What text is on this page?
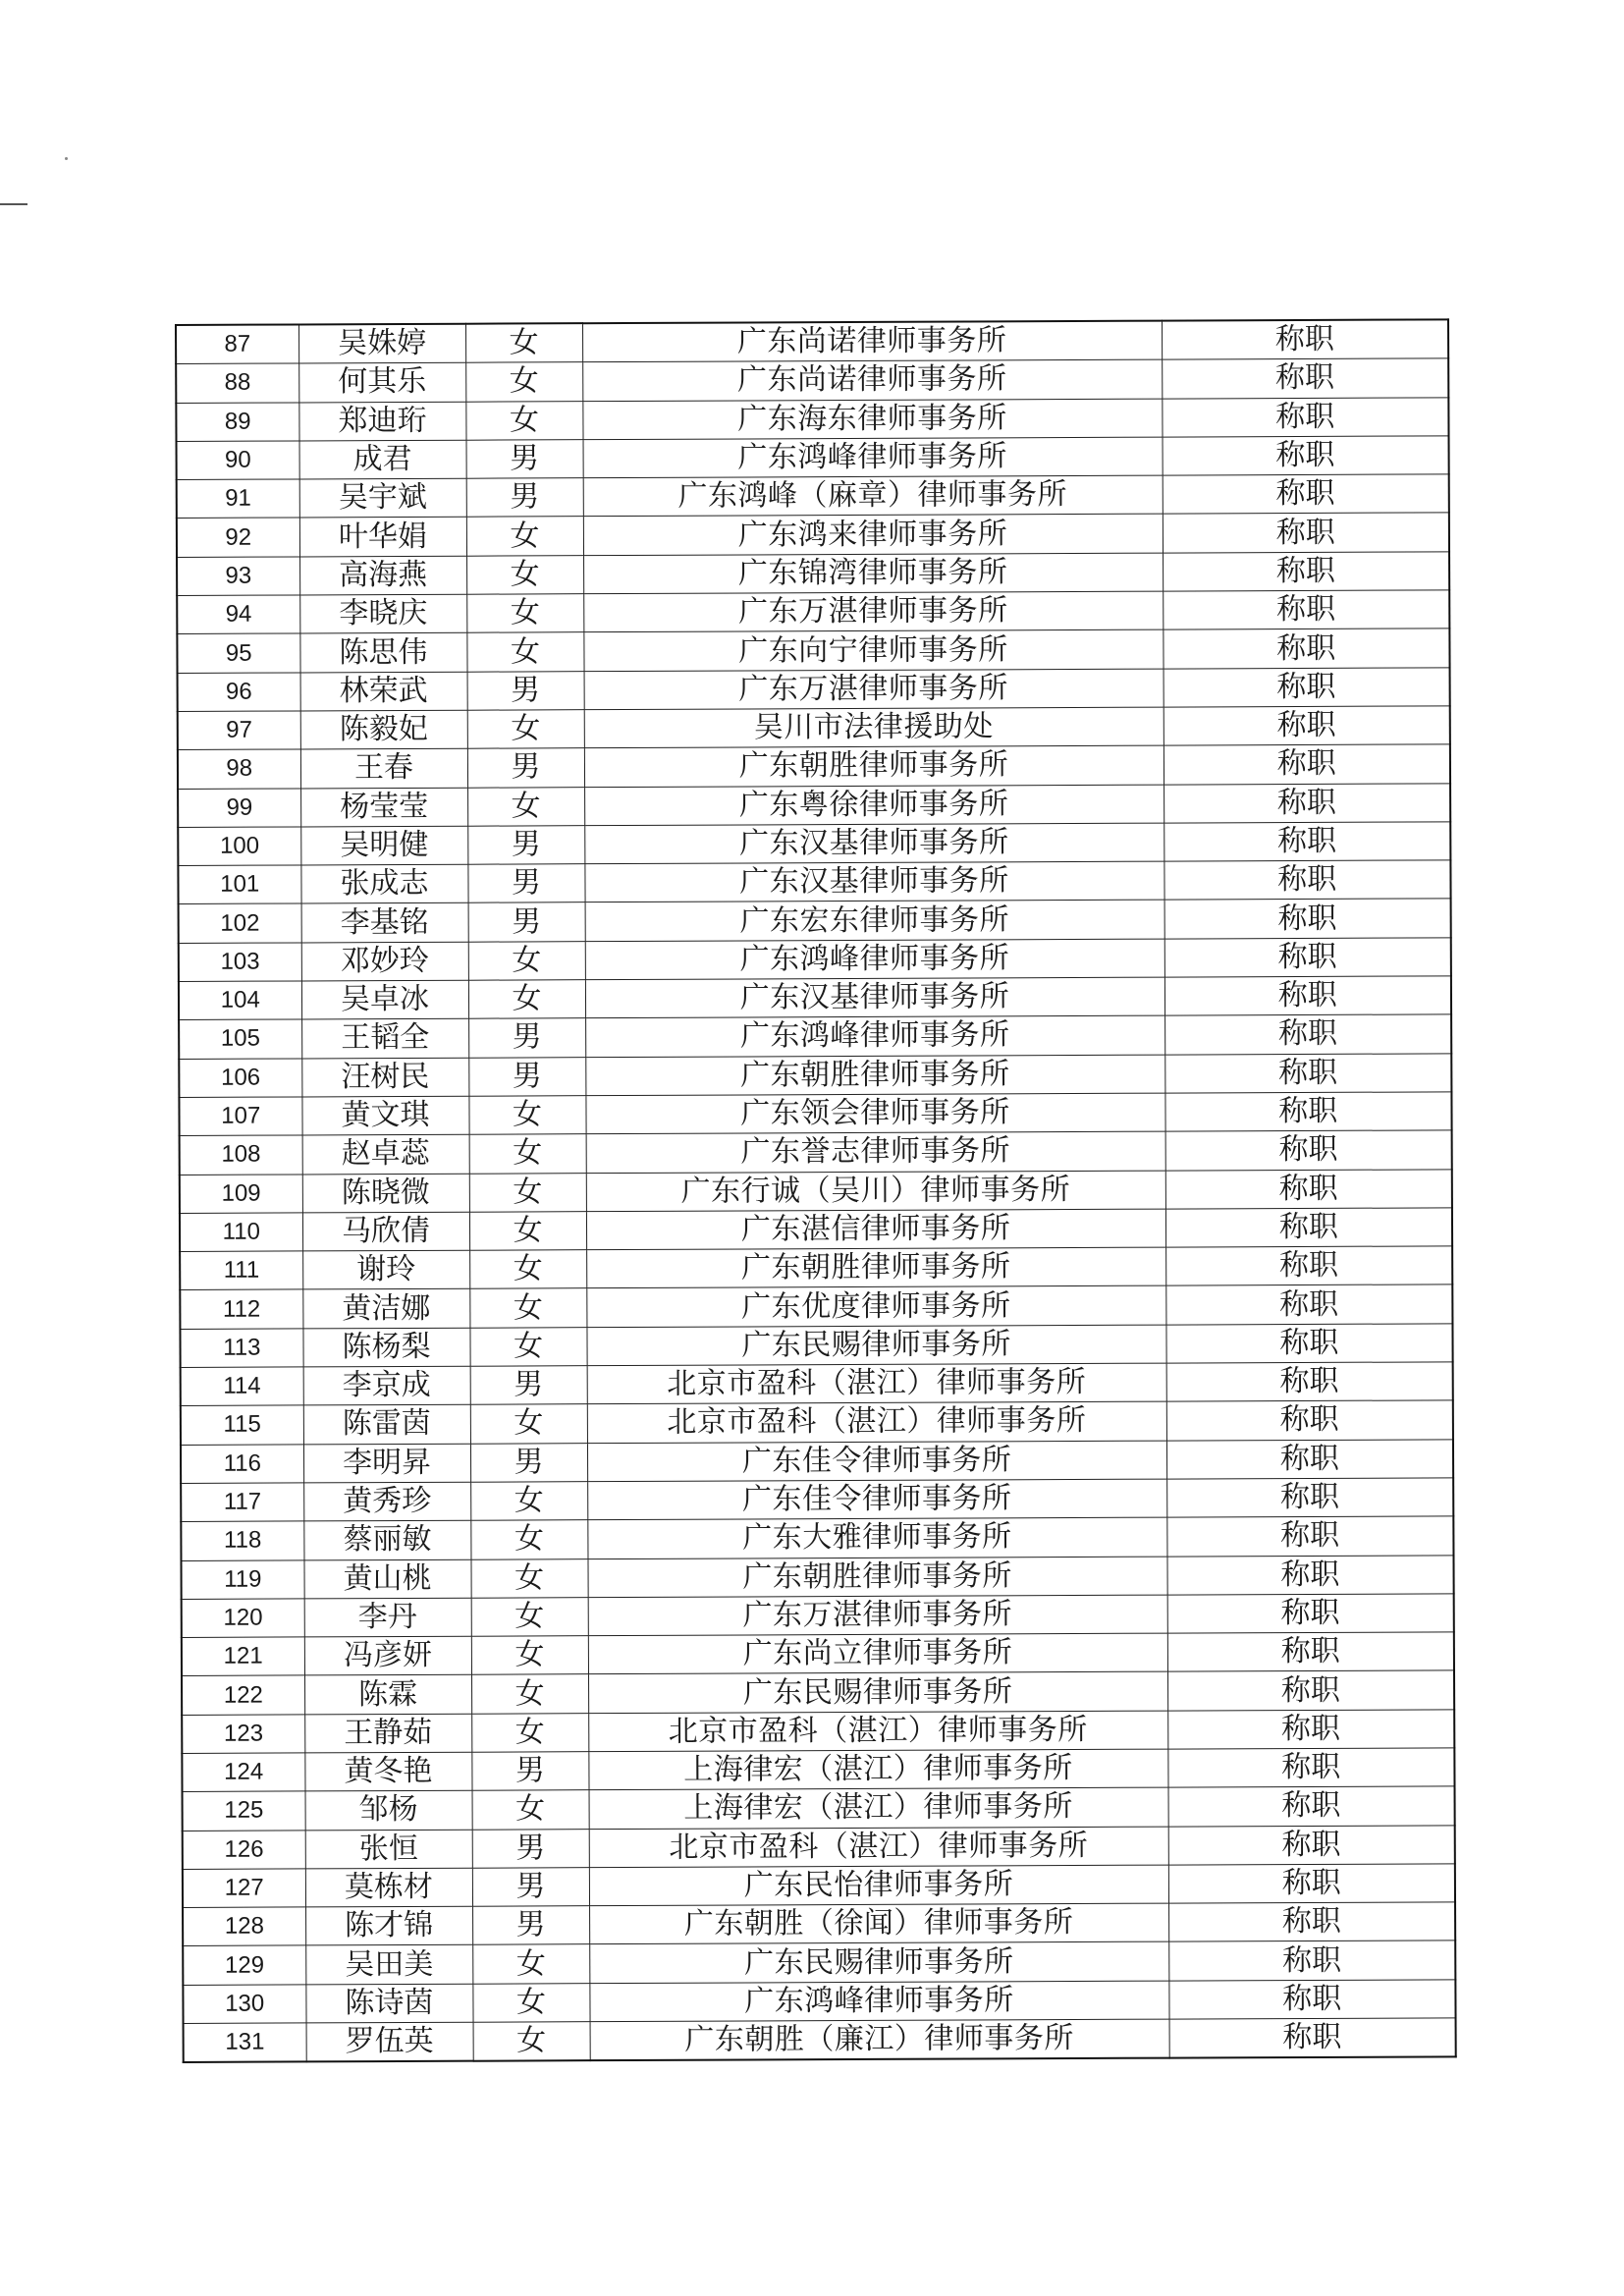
87	吴姝婷	女	广东尚诺律师事务所	称职
88	何其乐	女	广东尚诺律师事务所	称职
89	郑迪珩	女	广东海东律师事务所	称职
90	成君	男	广东鸿峰律师事务所	称职
91	吴宇斌	男	广东鸿峰（麻章）律师事务所	称职
92	叶华娟	女	广东鸿来律师事务所	称职
93	高海燕	女	广东锦湾律师事务所	称职
94	李晓庆	女	广东万湛律师事务所	称职
95	陈思伟	女	广东向宁律师事务所	称职
96	林荣武	男	广东万湛律师事务所	称职
97	陈毅妃	女	吴川市法律援助处	称职
98	王春	男	广东朝胜律师事务所	称职
99	杨莹莹	女	广东粤徐律师事务所	称职
100	吴明健	男	广东汉基律师事务所	称职
101	张成志	男	广东汉基律师事务所	称职
102	李基铭	男	广东宏东律师事务所	称职
103	邓妙玲	女	广东鸿峰律师事务所	称职
104	吴卓冰	女	广东汉基律师事务所	称职
105	王韬全	男	广东鸿峰律师事务所	称职
106	汪树民	男	广东朝胜律师事务所	称职
107	黄文琪	女	广东领会律师事务所	称职
108	赵卓蕊	女	广东誉志律师事务所	称职
109	陈晓微	女	广东行诚（吴川）律师事务所	称职
110	马欣倩	女	广东湛信律师事务所	称职
111	谢玲	女	广东朝胜律师事务所	称职
112	黄洁娜	女	广东优度律师事务所	称职
113	陈杨梨	女	广东民赐律师事务所	称职
114	李京成	男	北京市盈科（湛江）律师事务所	称职
115	陈雷茵	女	北京市盈科（湛江）律师事务所	称职
116	李明昇	男	广东佳令律师事务所	称职
117	黄秀珍	女	广东佳令律师事务所	称职
118	蔡丽敏	女	广东大雅律师事务所	称职
119	黄山桃	女	广东朝胜律师事务所	称职
120	李丹	女	广东万湛律师事务所	称职
121	冯彦妍	女	广东尚立律师事务所	称职
122	陈霖	女	广东民赐律师事务所	称职
123	王静茹	女	北京市盈科（湛江）律师事务所	称职
124	黄冬艳	男	上海律宏（湛江）律师事务所	称职
125	邹杨	女	上海律宏（湛江）律师事务所	称职
126	张恒	男	北京市盈科（湛江）律师事务所	称职
127	莫栋材	男	广东民怡律师事务所	称职
128	陈才锦	男	广东朝胜（徐闻）律师事务所	称职
129	吴田美	女	广东民赐律师事务所	称职
130	陈诗茵	女	广东鸿峰律师事务所	称职
131	罗伍英	女	广东朝胜（廉江）律师事务所	称职
